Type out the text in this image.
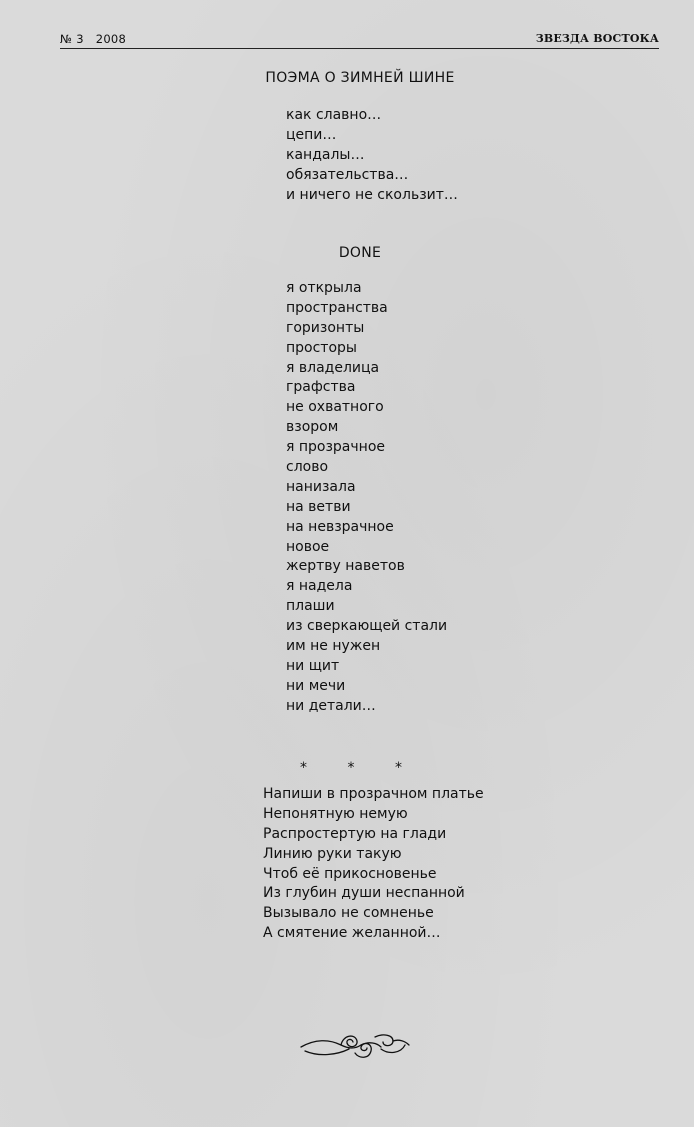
№ 3   2008	ЗВЕЗДА ВОСТОКА
ПОЭМА О ЗИМНЕЙ ШИНЕ
как славно…
цепи…
кандалы…
обязательства…
и ничего не скользит…
DONE
я открыла
пространства
горизонты
просторы
я владелица
графства
не охватного
взором
я прозрачное
слово
нанизала
на ветви
на невзрачное
новое
жертву наветов
я надела
плаши
из сверкающей стали
им не нужен
ни щит
ни мечи
ни детали…
* * *
Напиши в прозрачном платье
Непонятную немую
Распростертую на глади
Линию руки такую
Чтоб её прикосновенье
Из глубин души неспанной
Вызывало не сомненье
А смятение желанной…
